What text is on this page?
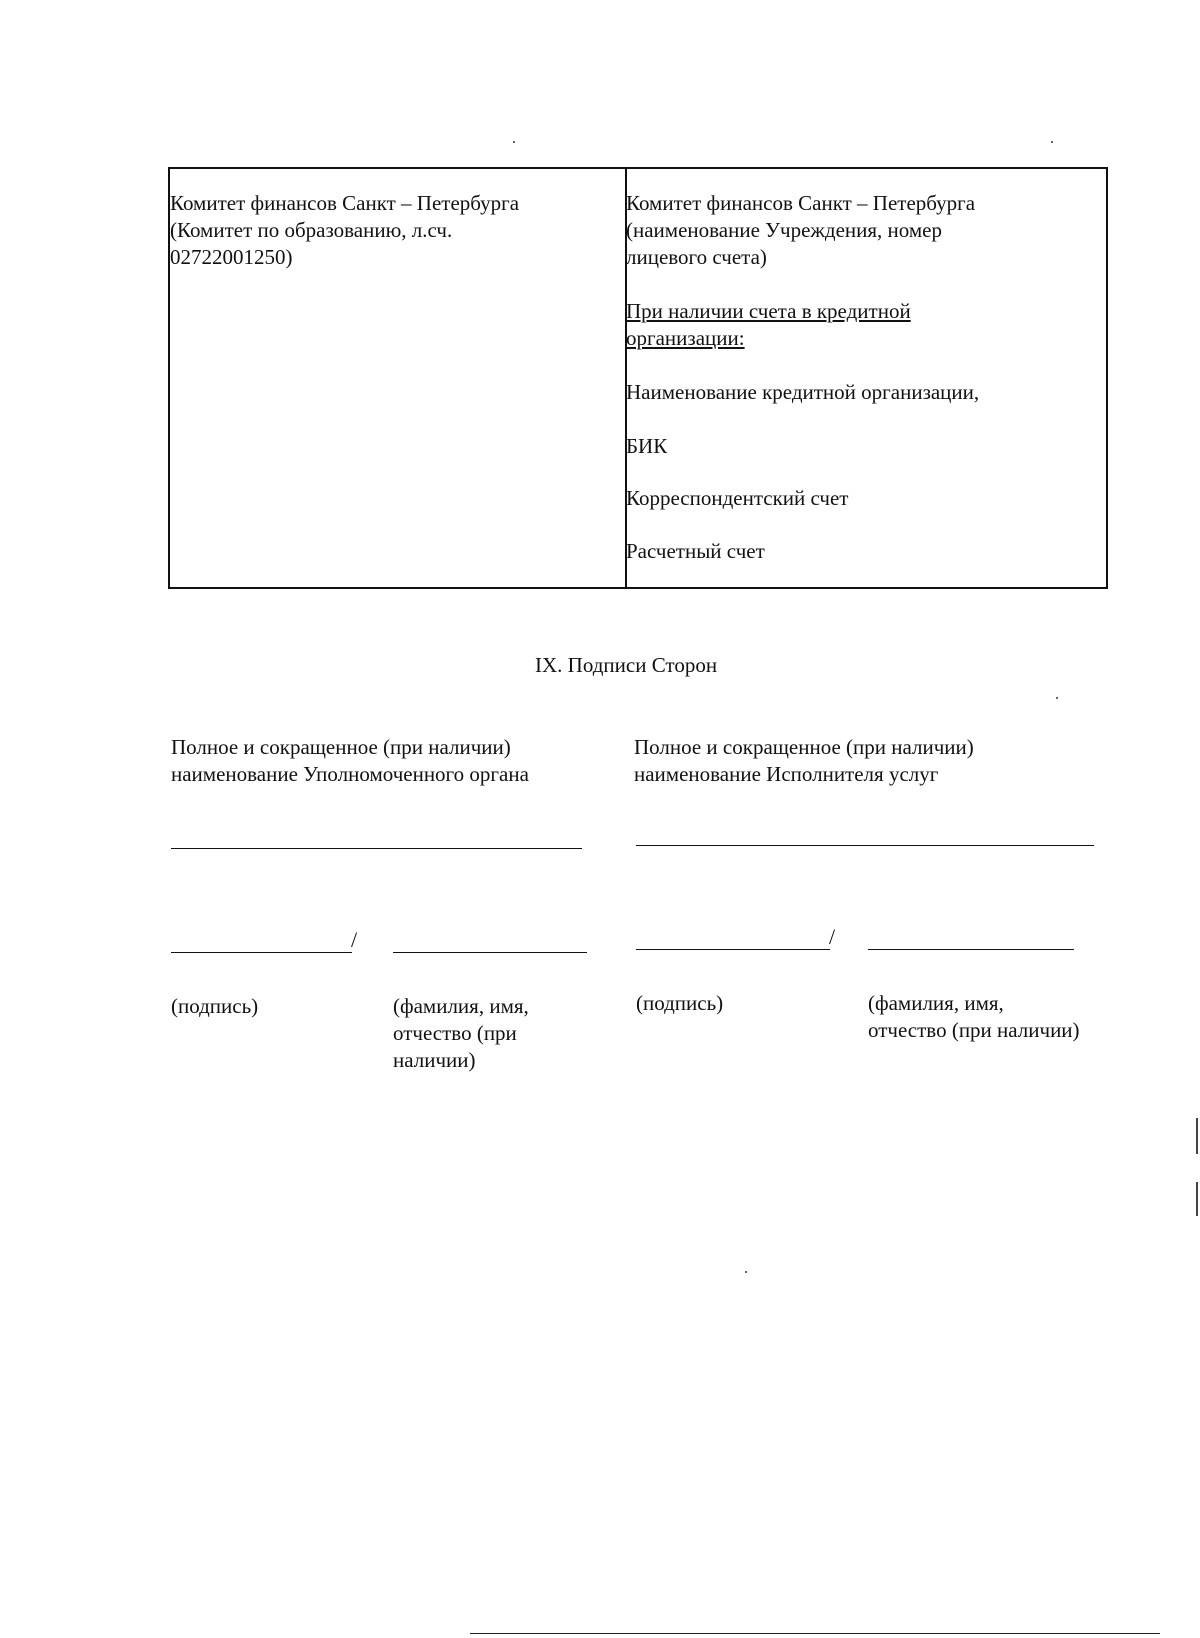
Комитет финансов Санкт – Петербурга
(Комитет по образованию, л.сч.
02722001250)
Комитет финансов Санкт – Петербурга
(наименование Учреждения, номер
лицевого счета)
При наличии счета в кредитной
организации:
Наименование кредитной организации,
БИК
Корреспондентский счет
Расчетный счет
IX. Подписи Сторон
Полное и сокращенное (при наличии)
наименование Уполномоченного органа
/
(подпись)	(фамилия, имя,
отчество (при
наличии)
Полное и сокращенное (при наличии)
наименование Исполнителя услуг
/
(подпись)	(фамилия, имя,
отчество (при наличии)
